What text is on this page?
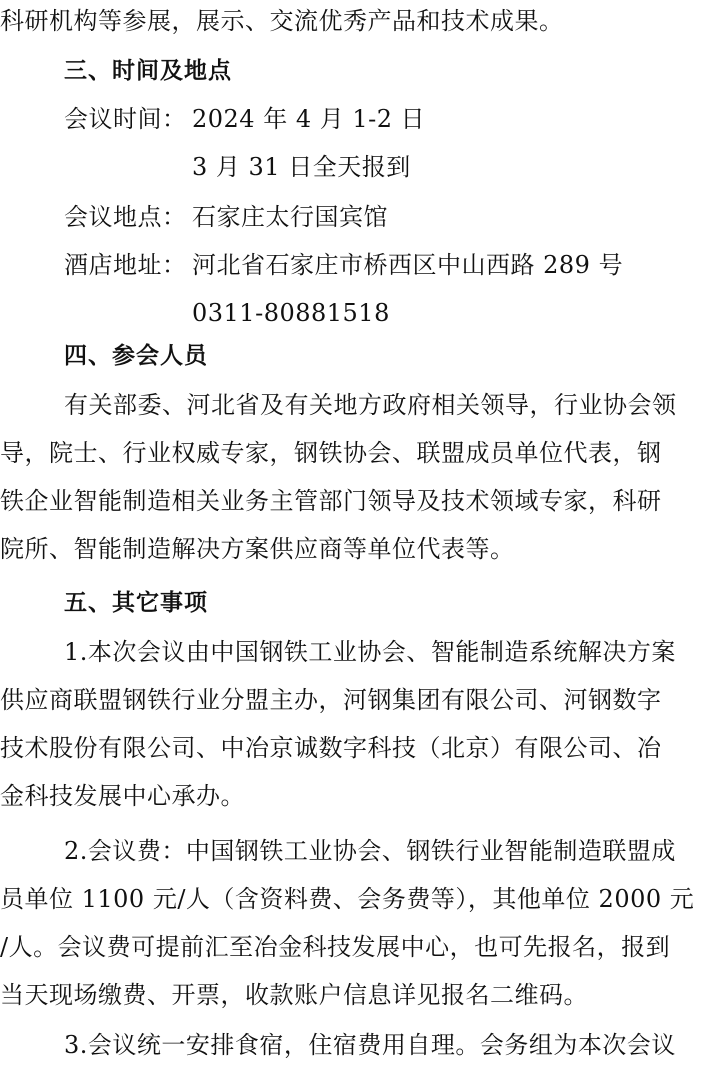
科研机构等参展，展示、交流优秀产品和技术成果。
三、时间及地点
会议时间： 2024 年 4 月 1-2 日
3 月 31 日全天报到
会议地点： 石家庄太行国宾馆
酒店地址： 河北省石家庄市桥西区中山西路 289 号
0311-80881518
四、参会人员
有关部委、河北省及有关地方政府相关领导，行业协会领
导，院士、行业权威专家，钢铁协会、联盟成员单位代表，钢
铁企业智能制造相关业务主管部门领导及技术领域专家，科研
院所、智能制造解决方案供应商等单位代表等。
五、其它事项
1.本次会议由中国钢铁工业协会、智能制造系统解决方案
供应商联盟钢铁行业分盟主办，河钢集团有限公司、河钢数字
技术股份有限公司、中冶京诚数字科技（北京）有限公司、冶
金科技发展中心承办。
2.会议费：中国钢铁工业协会、钢铁行业智能制造联盟成
员单位 1100 元/人（含资料费、会务费等），其他单位 2000 元
/人。会议费可提前汇至冶金科技发展中心，也可先报名，报到
当天现场缴费、开票，收款账户信息详见报名二维码。
3.会议统一安排食宿，住宿费用自理。会务组为本次会议
